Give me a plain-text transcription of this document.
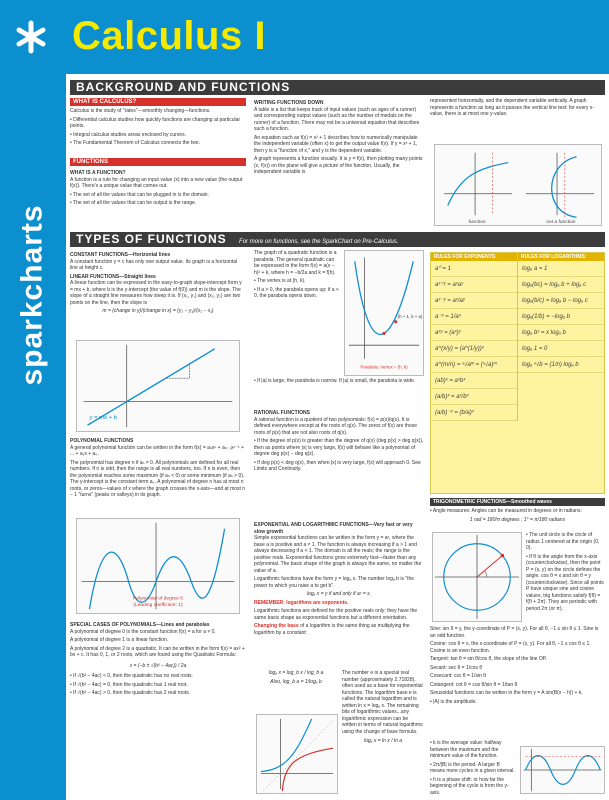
sparkcharts
Calculus I
BACKGROUND AND FUNCTIONS
WHAT IS CALCULUS?

Calculus is the study of "rates"—smoothly changing—functions.

• Differential calculus studies how quickly functions are changing at particular points.

• Integral calculus studies areas enclosed by curves.

• The Fundamental Theorem of Calculus connects the two.

FUNCTIONS
WHAT IS A FUNCTION?

A function is a rule for changing an input value (x) into a new value (the output f(x)). There's a unique value that comes out.

• The set of all the values that can be plugged in is the domain.

• The set of all the values that can be output is the range.

WRITING FUNCTIONS DOWN

A table is a list that keeps track of input values (such as ages of a runner) and corresponding output values (such as the number of medals on the runner) of a function. There may not be a universal equation that describes such a function.

An equation such as f(x) = x² + 1 describes how to numerically manipulate the independent variable (often x) to get the output value f(x). If y = x² + 1, then y is a "function of x," and y is the dependent variable.

A graph represents a function visually. It is y = f(x), then plotting many points (x, f(x)) on the plane will give a picture of the function. Usually, the independent variable is

represented horizontally, and the dependent variable vertically. A graph represents a function as long as it passes the vertical line test: for every x-value, there is at most one y-value.

function	not a function
TYPES OF FUNCTIONS For more on functions, see the SparkChart on Pre-Calculus.
CONSTANT FUNCTIONS—Horizontal lines

A constant function y = c has only one output value. Its graph is a horizontal line at height c.

LINEAR FUNCTIONS—Straight lines

A linear function can be expressed in the easy-to-graph slope-intercept form y = mx + b, where b is the y-intercept (the value of f(0)) and m is the slope. The slope of a straight line measures how steep it is. If (x₁, y₁) and (x₂, y₂) are two points on the line, then the slope is

m = (change in y)/(change in x) = (y₂ − y₁)/(x₂ − x₁)

y = mx + b
POLYNOMIAL FUNCTIONS

A general polynomial function can be written in the form f(x) = aₙxⁿ + aₙ₋₁xⁿ⁻¹ + ... + a₁x + a₀.

The polynomial has degree n if aₙ ≠ 0. All polynomials are defined for all real numbers. If n is odd, then the range is all real numbers, too. If n is even, then the polynomial reaches some maximum (if aₙ < 0) or some minimum (if aₙ > 0). The y-intercept is the constant term a₀. A polynomial of degree n has at most n roots, or zeros—values of x where the graph crosses the x-axis—and at most n − 1 "turns" (peaks or valleys) in its graph.

Polynomial of degree 5
(Leading coefficient: 1)
SPECIAL CASES OF POLYNOMIALS—Lines and parabolas

A polynomial of degree 0 is the constant function f(x) = a for a ≠ 0.

A polynomial of degree 1 is a linear function.

A polynomial of degree 2 is a quadratic. It can be written in the form f(x) = ax² + bx + c. It has 0, 1, or 2 roots, which are found using the Quadratic Formula:

x = (−b ± √(b² − 4ac)) / 2a

• If √(b² − 4ac) < 0, then the quadratic has no real roots.

• If √(b² − 4ac) = 0, then the quadratic has 1 real root.

• If √(b² − 4ac) > 0, then the quadratic has 2 real roots.

The graph of a quadratic function is a parabola. The general quadratic can be expressed in the form f(x) = a(x − h)² + k, where h = −b/2a and k = f(h).

• The vertex is at (h, k).

• If a > 0, the parabola opens up; if a < 0, the parabola opens down.

• If |a| is large, the parabola is narrow. If |a| is small, the parabola is wide.

(h + 1, k + a)
Parabola: Vertex = (h, k)
RATIONAL FUNCTIONS

A rational function is a quotient of two polynomials: f(x) = p(x)/q(x). It is defined everywhere except at the roots of q(x). The zeros of f(x) are those roots of p(x) that are not also roots of q(x).

• If the degree of p(x) is greater than the degree of q(x) (deg p(x) > deg q(x)), then as points where |x| is very large, f(x) will behave like a polynomial of degree deg p(x) − deg q(x).

• If deg p(x) < deg q(x), then when |x| is very large, f(x) will approach 0. See Limits and Continuity.

EXPONENTIAL AND LOGARITHMIC FUNCTIONS—Very fast or very slow growth

Simple exponential functions can be written in the form y = aˣ, where the base a is positive and a ≠ 1. The function is always increasing if a > 1 and always decreasing if a < 1. The domain is all the reals; the range is the positive reals. Exponential functions grow extremely fast—faster than any polynomial. The basic shape of the graph is always the same, no matter the value of a.

Logarithmic functions have the form y = logₐ x. The number logₐ b is "the power to which you raise a to get b".

logₐ x = y if and only if aʸ = x.

REMEMBER: logarithms are exponents.

Logarithmic functions are defined for the positive reals only; they have the same basic shape as exponential functions but a different orientation.

Changing the base of a logarithm is the same thing as multiplying the logarithm by a constant:

logₐ x = log_b x / log_b a

Also, log_b a = 1/logₐ b

The number e is a special real number (approximately 2.71828), often used as a base for exponential functions. The logarithm base e is called the natural logarithm and is written ln x = logₑ x. The remaining bits of logarithmic values...any logarithmic expression can be written in terms of natural logarithms using the change of base formula.

logₐ x = ln x / ln a

RULES FOR EXPONENTS:
a⁰ = 1
aˣ⁺ʸ = aˣaʸ
aˣ⁻ʸ = aˣ/aʸ
a⁻ˣ = 1/aˣ
aˣʸ = (aˣ)ʸ
a^(x/y) = (a^(1/y))ˣ
a^(m/n) = ⁿ√aᵐ = (ⁿ√a)ᵐ
(ab)ˣ = aˣbˣ
(a/b)ˣ = aˣ/bˣ
(a/b)⁻ˣ = (b/a)ˣ
RULES FOR LOGARITHMS:
logₐ a = 1
logₐ(bc) = logₐ b + logₐ c
logₐ(b/c) = logₐ b − logₐ c
logₐ(1/b) = −logₐ b
logₐ bˣ = x logₐ b
logₐ 1 = 0
logₐ ⁿ√b = (1/n) logₐ b
TRIGONOMETRIC FUNCTIONS—Smoothed waves

• Angle measures: Angles can be measured in degrees or in radians:

1 rad = 180/π degrees ; 1° = π/180 radians

• The unit circle is the circle of radius 1 centered at the origin (0, 0).

• If θ is the angle from the x-axis (counterclockwise), then the point P = (x, y) on the circle defines the angle. cos θ = x and sin θ = y (counterclockwise). Since all points P have unique sine and cosine values, trig functions satisfy f(θ) = f(θ + 2π). They are periodic with period 2π (or π).

Sine: sin θ = y, the y-coordinate of P = (x, y). For all θ, −1 ≤ sin θ ≤ 1. Sine is an odd function.

Cosine: cos θ = x, the x-coordinate of P = (x, y). For all θ, −1 ≤ cos θ ≤ 1. Cosine is an even function.

Tangent: tan θ = sin θ/cos θ, the slope of the line OP.

Secant: sec θ = 1/cos θ

Cosecant: csc θ = 1/sin θ

Cotangent: cot θ = cos θ/sin θ = 1/tan θ

Sinusoidal functions can be written in the form y = A sin(B(x − h)) + k.

• |A| is the amplitude.

• k is the average value: halfway between the maximum and the minimum value of the function.

• 2π/|B| is the period. A larger B means more cycles in a given interval.

• h is a phase shift: or how far the beginning of the cycle is from the y-axis.
